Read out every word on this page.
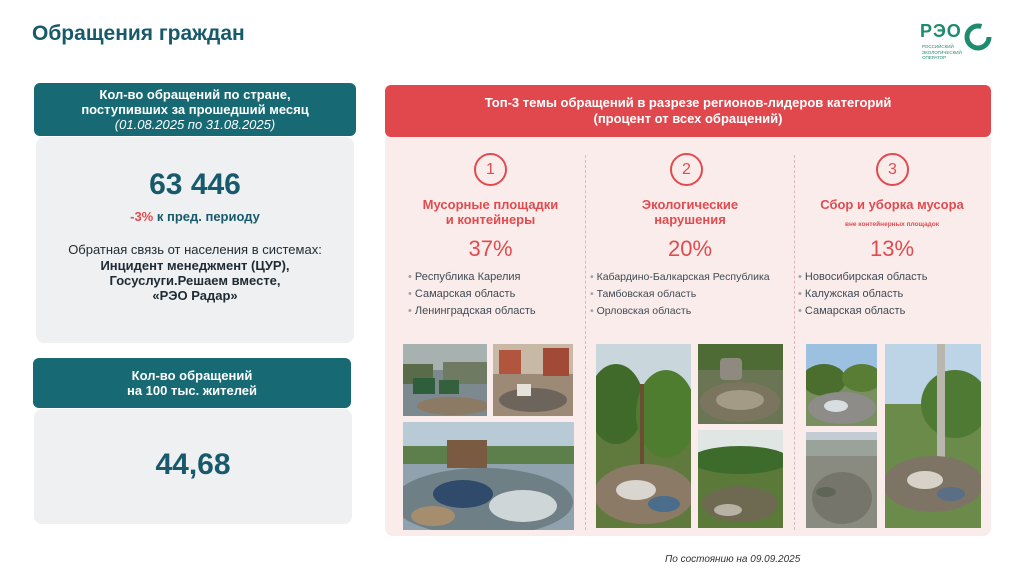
Обращения граждан	РЭО
РОССИЙСКИЙ
ЭКОЛОГИЧЕСКИЙ
ОПЕРАТОР
Кол-во обращений по стране,
поступивших за прошедший месяц
(01.08.2025 по 31.08.2025)
63 446
-3% к пред. периоду
Обратная связь от населения в системах:
Инцидент менеджмент (ЦУР),
Госуслуги.Решаем вместе,
«РЭО Радар»
Кол-во обращений
на 100 тыс. жителей
44,68
Топ-3 темы обращений в разрезе регионов-лидеров категорий
(процент от всех обращений)
1
Мусорные площадки
и контейнеры
37%
• Республика Карелия
• Самарская область
• Ленинградская область
2
Экологические
нарушения
20%
• Кабардино-Балкарская Республика
• Тамбовская область
• Орловская область
3
Сбор и уборка мусора
вне контейнерных площадок
13%
• Новосибирская область
• Калужская область
• Самарская область
По состоянию на 09.09.2025
